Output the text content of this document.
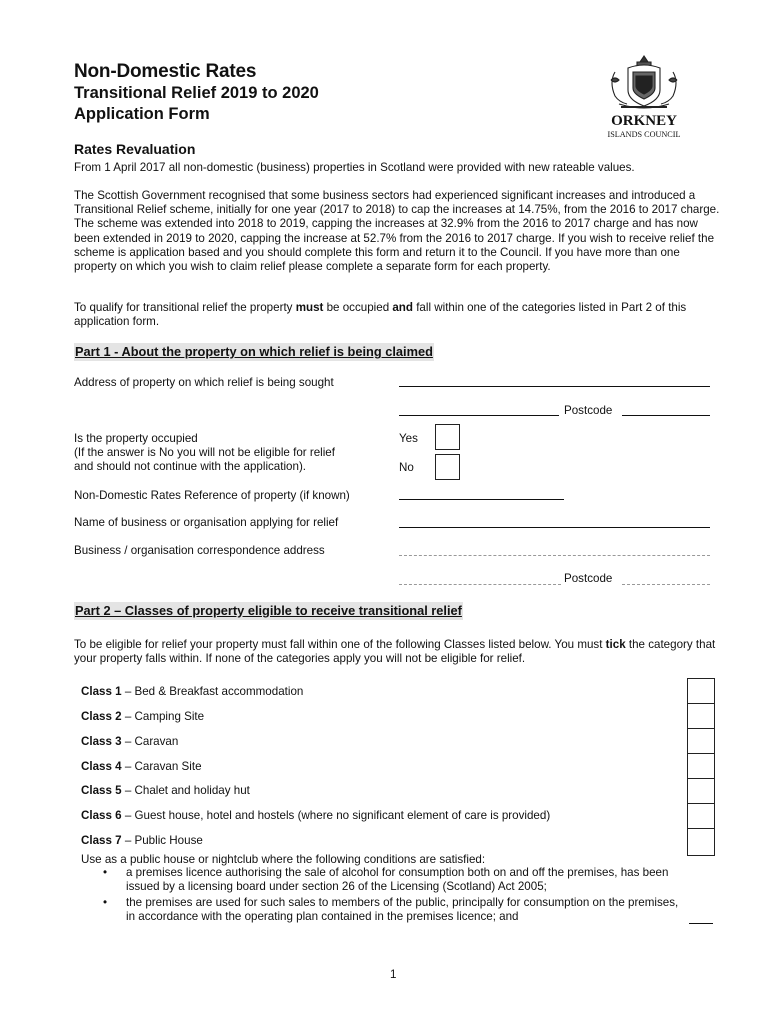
Non-Domestic Rates
Transitional Relief 2019 to 2020
Application Form	ORKNEY
ISLANDS COUNCIL
Rates Revaluation

From 1 April 2017 all non-domestic (business) properties in Scotland were provided with new rateable values.

The Scottish Government recognised that some business sectors had experienced significant increases and introduced a Transitional Relief scheme, initially for one year (2017 to 2018) to cap the increases at 14.75%, from the 2016 to 2017 charge. The scheme was extended into 2018 to 2019, capping the increases at 32.9% from the 2016 to 2017 charge and has now been extended in 2019 to 2020, capping the increase at 52.7% from the 2016 to 2017 charge. If you wish to receive relief the scheme is application based and you should complete this form and return it to the Council. If you have more than one property on which you wish to claim relief please complete a separate form for each property.

To qualify for transitional relief the property must be occupied and fall within one of the categories listed in Part 2 of this application form.

Part 1 - About the property on which relief is being claimed
Address of property on which relief is being sought
Postcode
Is the property occupied
(If the answer is No you will not be eligible for relief
and should not continue with the application).
Yes
No
Non-Domestic Rates Reference of property (if known)
Name of business or organisation applying for relief
Business / organisation correspondence address
Postcode
Part 2 – Classes of property eligible to receive transitional relief

To be eligible for relief your property must fall within one of the following Classes listed below. You must tick the category that your property falls within. If none of the categories apply you will not be eligible for relief.

Class 1 – Bed & Breakfast accommodation
Class 2 – Camping Site
Class 3 – Caravan
Class 4 – Caravan Site
Class 5 – Chalet and holiday hut
Class 6 – Guest house, hotel and hostels (where no significant element of care is provided)
Class 7 – Public House
Use as a public house or nightclub where the following conditions are satisfied:
• a premises licence authorising the sale of alcohol for consumption both on and off the premises, has been issued by a licensing board under section 26 of the Licensing (Scotland) Act 2005;

• the premises are used for such sales to members of the public, principally for consumption on the premises, in accordance with the operating plan contained in the premises licence; and

1
